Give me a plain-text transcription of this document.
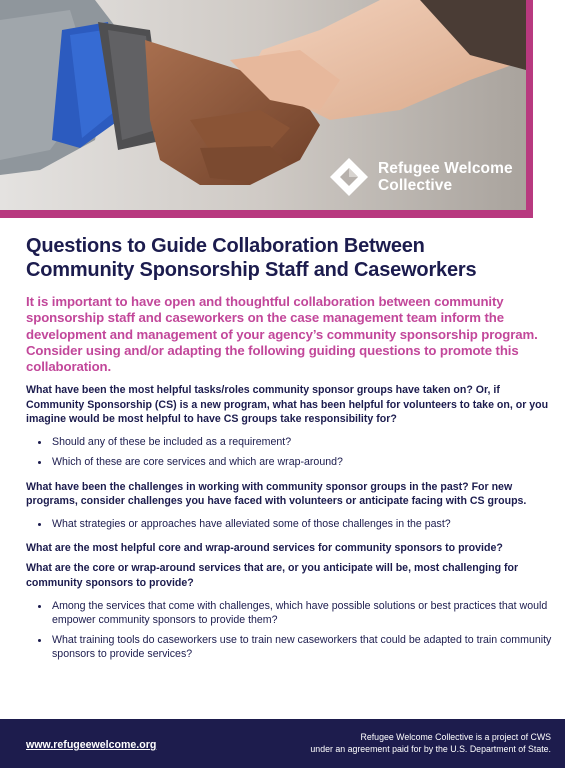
Refugee Welcome
Collective
Questions to Guide Collaboration Between
Community Sponsorship Staff and Caseworkers

It is important to have open and thoughtful collaboration between community sponsorship staff and caseworkers on the case management team inform the development and management of your agency’s community sponsorship program. Consider using and/or adapting the following guiding questions to promote this collaboration.

What have been the most helpful tasks/roles community sponsor groups have taken on? Or, if Community Sponsorship (CS) is a new program, what has been helpful for volunteers to take on, or you imagine would be most helpful to have CS groups take responsibility for?

Should any of these be included as a requirement?
Which of these are core services and which are wrap-around?

What have been the challenges in working with community sponsor groups in the past? For new programs, consider challenges you have faced with volunteers or anticipate facing with CS groups.

What strategies or approaches have alleviated some of those challenges in the past?

What are the most helpful core and wrap-around services for community sponsors to provide?

What are the core or wrap-around services that are, or you anticipate will be, most challenging for community sponsors to provide?

Among the services that come with challenges, which have possible solutions or best practices that would empower community sponsors to provide them?
What training tools do caseworkers use to train new caseworkers that could be adapted to train community sponsors to provide services?
www.refugeewelcome.org
Refugee Welcome Collective is a project of CWS
under an agreement paid for by the U.S. Department of State.
